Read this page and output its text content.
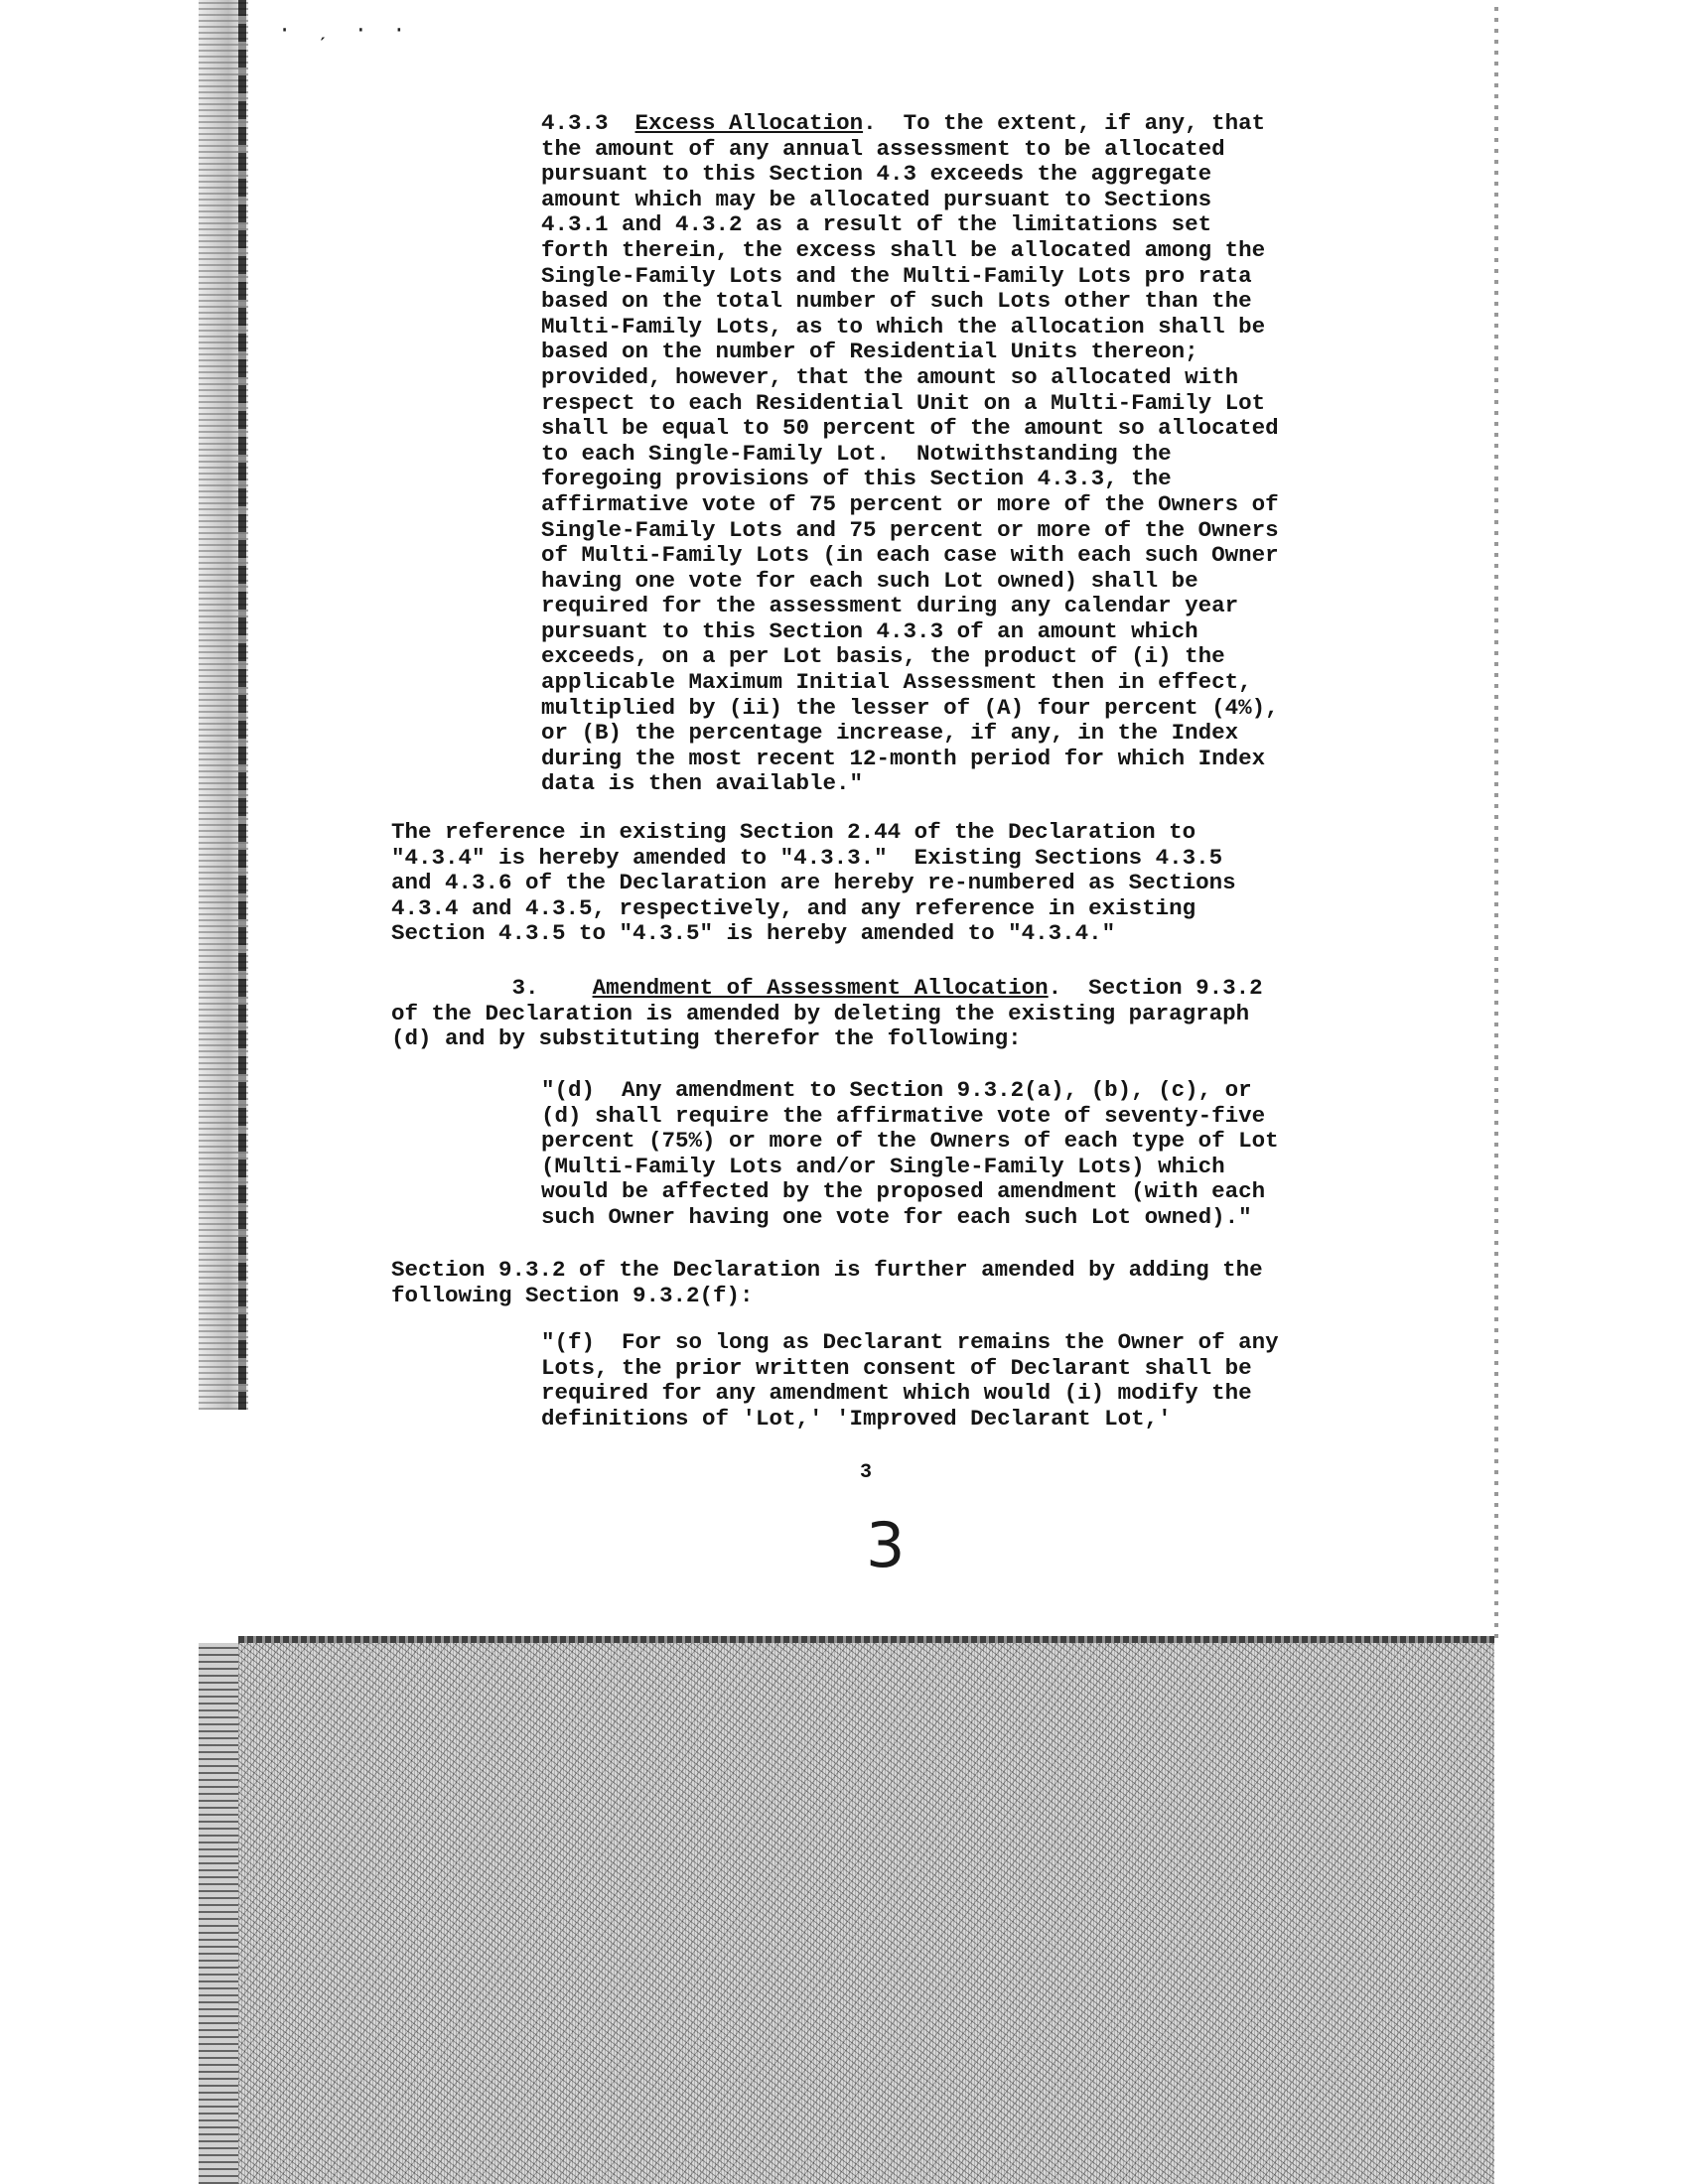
· ˏ · ·
4.3.3 Excess Allocation.  To the extent, if any, that
the amount of any annual assessment to be allocated
pursuant to this Section 4.3 exceeds the aggregate
amount which may be allocated pursuant to Sections
4.3.1 and 4.3.2 as a result of the limitations set
forth therein, the excess shall be allocated among the
Single-Family Lots and the Multi-Family Lots pro rata
based on the total number of such Lots other than the
Multi-Family Lots, as to which the allocation shall be
based on the number of Residential Units thereon;
provided, however, that the amount so allocated with
respect to each Residential Unit on a Multi-Family Lot
shall be equal to 50 percent of the amount so allocated
to each Single-Family Lot.  Notwithstanding the
foregoing provisions of this Section 4.3.3, the
affirmative vote of 75 percent or more of the Owners of
Single-Family Lots and 75 percent or more of the Owners
of Multi-Family Lots (in each case with each such Owner
having one vote for each such Lot owned) shall be
required for the assessment during any calendar year
pursuant to this Section 4.3.3 of an amount which
exceeds, on a per Lot basis, the product of (i) the
applicable Maximum Initial Assessment then in effect,
multiplied by (ii) the lesser of (A) four percent (4%),
or (B) the percentage increase, if any, in the Index
during the most recent 12-month period for which Index
data is then available."
The reference in existing Section 2.44 of the Declaration to
"4.3.4" is hereby amended to "4.3.3."  Existing Sections 4.3.5
and 4.3.6 of the Declaration are hereby re-numbered as Sections
4.3.4 and 4.3.5, respectively, and any reference in existing
Section 4.3.5 to "4.3.5" is hereby amended to "4.3.4."
3. Amendment of Assessment Allocation.  Section 9.3.2
of the Declaration is amended by deleting the existing paragraph
(d) and by substituting therefor the following:
"(d)  Any amendment to Section 9.3.2(a), (b), (c), or
(d) shall require the affirmative vote of seventy-five
percent (75%) or more of the Owners of each type of Lot
(Multi-Family Lots and/or Single-Family Lots) which
would be affected by the proposed amendment (with each
such Owner having one vote for each such Lot owned)."
Section 9.3.2 of the Declaration is further amended by adding the
following Section 9.3.2(f):
"(f)  For so long as Declarant remains the Owner of any
Lots, the prior written consent of Declarant shall be
required for any amendment which would (i) modify the
definitions of 'Lot,' 'Improved Declarant Lot,'
3
3
